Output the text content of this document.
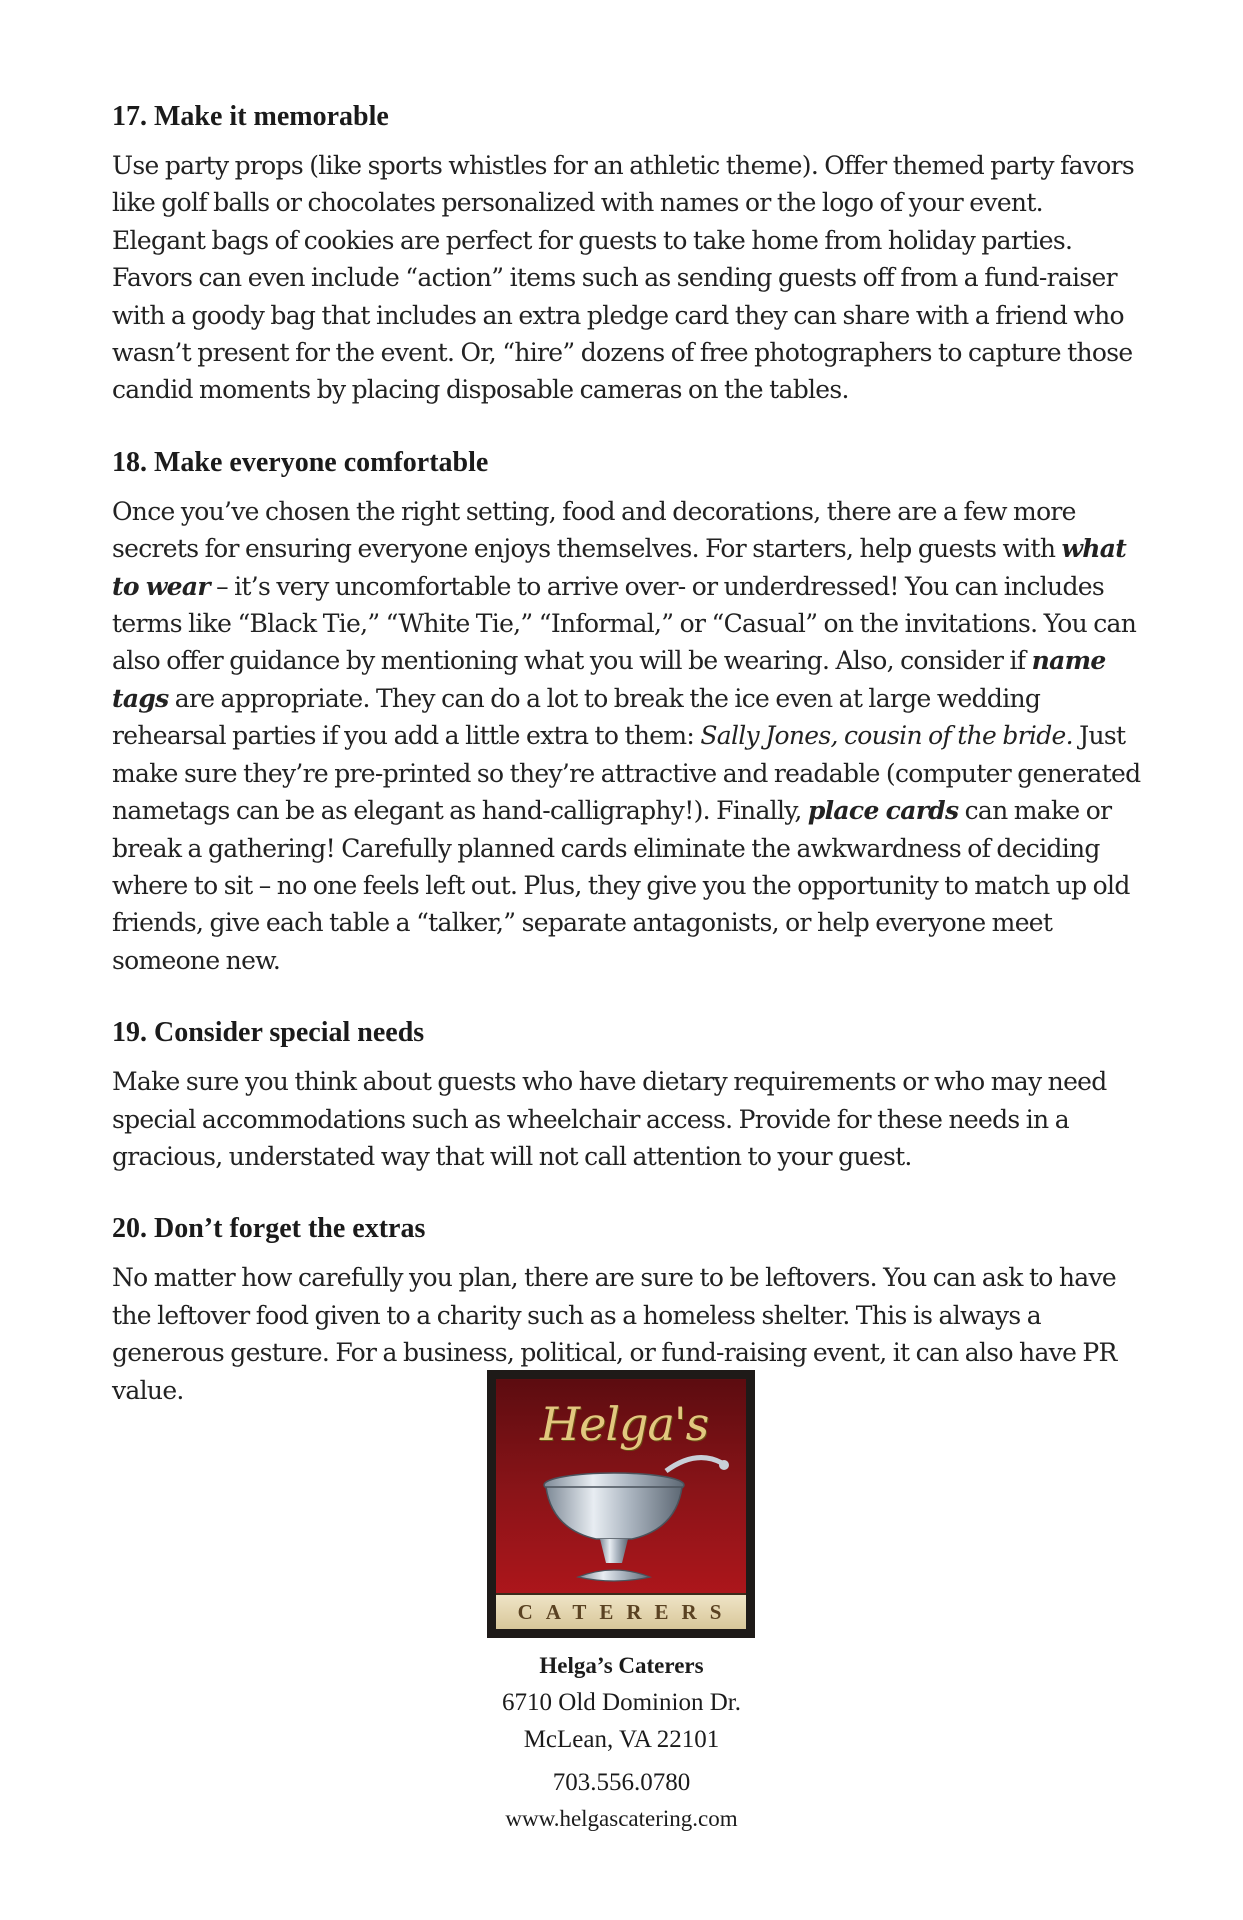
17. Make it memorable

Use party props (like sports whistles for an athletic theme). Offer themed party favors like golf balls or chocolates personalized with names or the logo of your event. Elegant bags of cookies are perfect for guests to take home from holiday parties. Favors can even include “action” items such as sending guests off from a fund-raiser with a goody bag that includes an extra pledge card they can share with a friend who wasn’t present for the event. Or, “hire” dozens of free photographers to capture those candid moments by placing disposable cameras on the tables.

18. Make everyone comfortable

Once you’ve chosen the right setting, food and decorations, there are a few more secrets for ensuring everyone enjoys themselves. For starters, help guests with what to wear – it’s very uncomfortable to arrive over- or underdressed! You can includes terms like “Black Tie,” “White Tie,” “Informal,” or “Casual” on the invitations. You can also offer guidance by mentioning what you will be wearing. Also, consider if name tags are appropriate. They can do a lot to break the ice even at large wedding rehearsal parties if you add a little extra to them: Sally Jones, cousin of the bride. Just make sure they’re pre-printed so they’re attractive and readable (computer generated nametags can be as elegant as hand-calligraphy!). Finally, place cards can make or break a gathering! Carefully planned cards eliminate the awkwardness of deciding where to sit – no one feels left out. Plus, they give you the opportunity to match up old friends, give each table a “talker,” separate antagonists, or help everyone meet someone new.

19. Consider special needs

Make sure you think about guests who have dietary requirements or who may need special accommodations such as wheelchair access. Provide for these needs in a gracious, understated way that will not call attention to your guest.

20. Don’t forget the extras

No matter how carefully you plan, there are sure to be leftovers. You can ask to have the leftover food given to a charity such as a homeless shelter. This is always a generous gesture. For a business, political, or fund-raising event, it can also have PR value.

Helga's
CATERERS
Helga’s Caterers
6710 Old Dominion Dr.
McLean, VA 22101
703.556.0780
www.helgascatering.com
